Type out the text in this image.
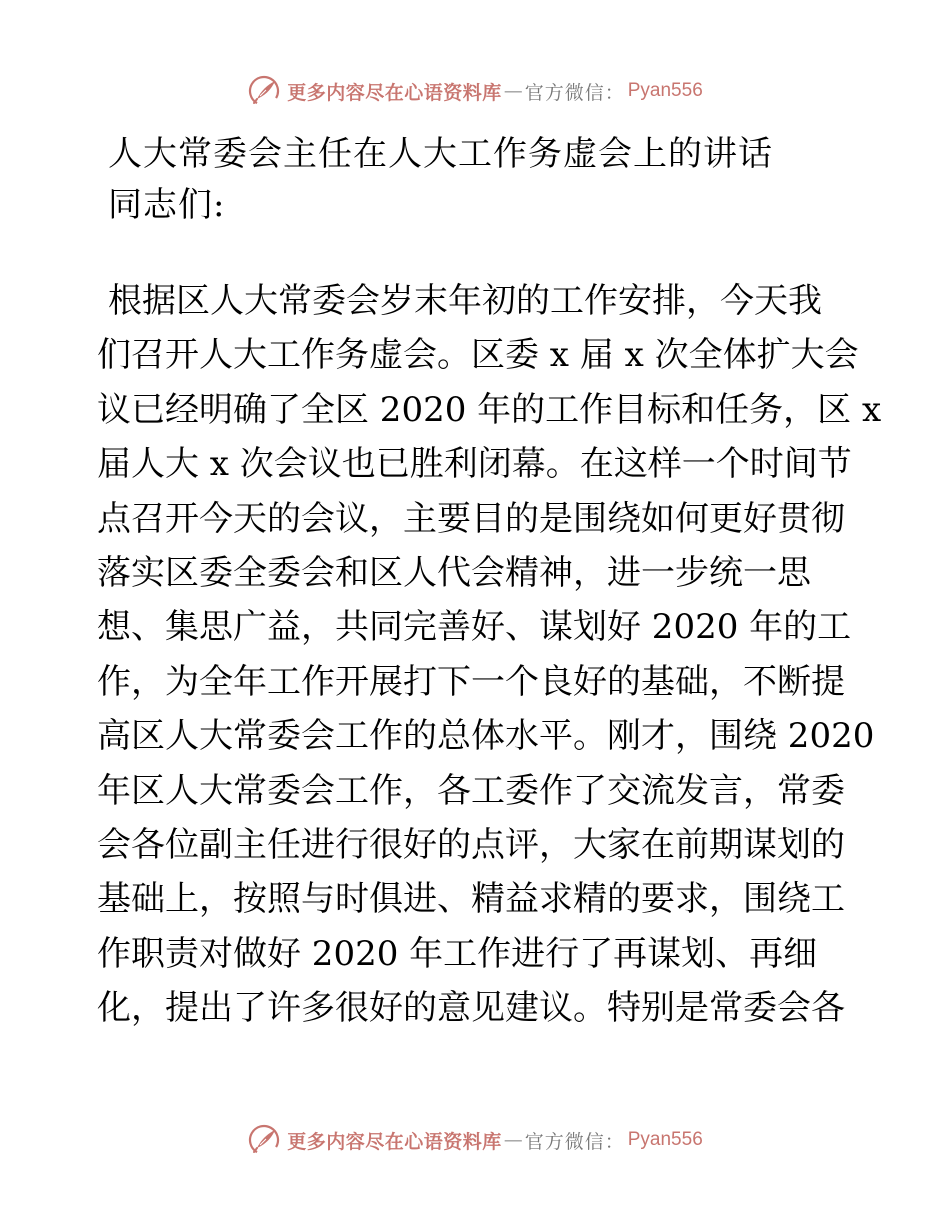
更多内容尽在心语资料库 — 官方微信： Pyan556
人大常委会主任在人大工作务虚会上的讲话
同志们:
根据区人大常委会岁末年初的工作安排，今天我
们召开人大工作务虚会。区委 x 届 x 次全体扩大会
议已经明确了全区 2020 年的工作目标和任务，区 x
届人大 x 次会议也已胜利闭幕。在这样一个时间节
点召开今天的会议，主要目的是围绕如何更好贯彻
落实区委全委会和区人代会精神，进一步统一思
想、集思广益，共同完善好、谋划好 2020 年的工
作，为全年工作开展打下一个良好的基础，不断提
高区人大常委会工作的总体水平。刚才，围绕 2020
年区人大常委会工作，各工委作了交流发言，常委
会各位副主任进行很好的点评，大家在前期谋划的
基础上，按照与时俱进、精益求精的要求，围绕工
作职责对做好 2020 年工作进行了再谋划、再细
化，提出了许多很好的意见建议。特别是常委会各
更多内容尽在心语资料库 — 官方微信： Pyan556
